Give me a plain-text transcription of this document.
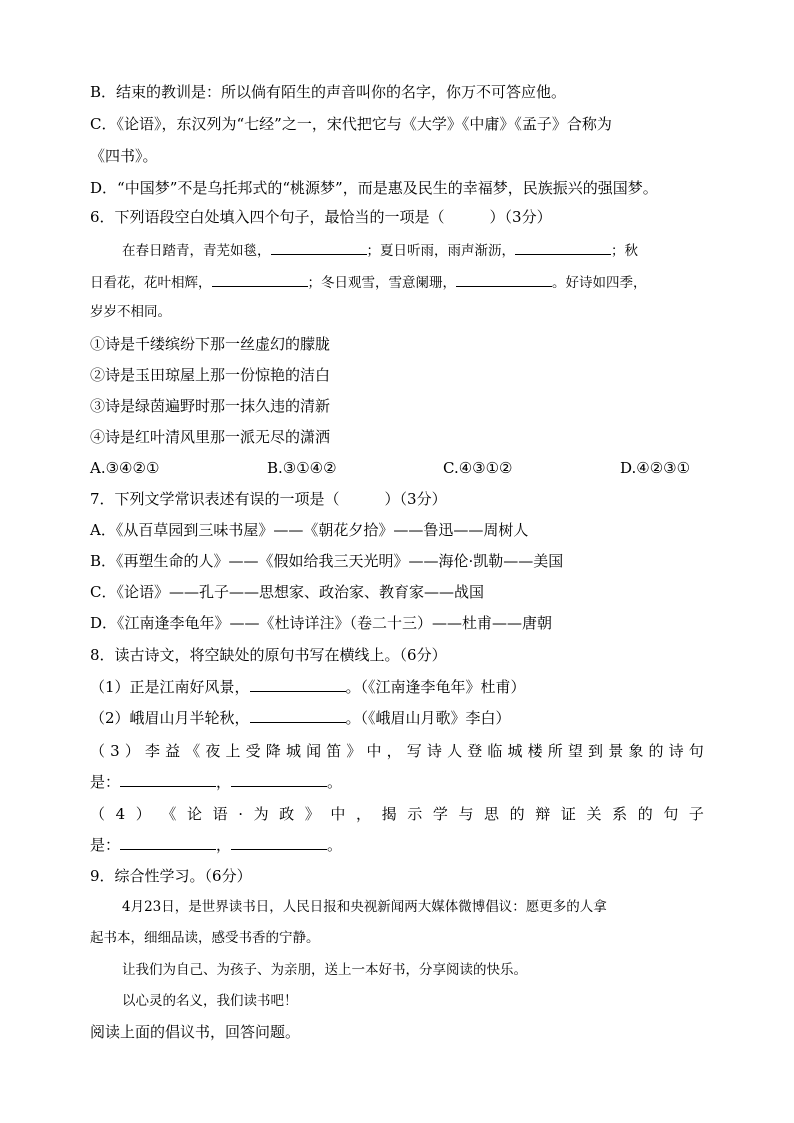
B．结束的教训是：所以倘有陌生的声音叫你的名字，你万不可答应他。
C．《论语》，东汉列为“七经”之一，宋代把它与《大学》《中庸》《孟子》合称为
《四书》。
D．“中国梦”不是乌托邦式的“桃源梦”，而是惠及民生的幸福梦，民族振兴的强国梦。
6．下列语段空白处填入四个句子，最恰当的一项是（　　　）（3分）
在春日踏青，青芜如毯，	；夏日听雨，雨声渐沥，	；秋
日看花，花叶相辉，	；冬日观雪，雪意阑珊，	。好诗如四季，
岁岁不相同。
①诗是千缕缤纷下那一丝虚幻的朦胧
②诗是玉田琼屋上那一份惊艳的洁白
③诗是绿茵遍野时那一抹久违的清新
④诗是红叶清风里那一派无尽的潇洒
A.③④②①	B.③①④②	C.④③①②	D.④②③①
7．下列文学常识表述有误的一项是（　　　）（3分）
A．《从百草园到三味书屋》——《朝花夕拾》——鲁迅——周树人
B．《再塑生命的人》——《假如给我三天光明》——海伦·凯勒——美国
C．《论语》——孔子——思想家、政治家、教育家——战国
D．《江南逢李龟年》——《杜诗详注》（卷二十三）——杜甫——唐朝
8．读古诗文，将空缺处的原句书写在横线上。（6分）
（1）正是江南好风景，	。（《江南逢李龟年》杜甫）
（2）峨眉山月半轮秋，	。（《峨眉山月歌》李白）
（ 3 ） 李 益 《 夜 上 受 降 城 闻 笛 》 中 ， 写 诗 人 登 临 城 楼 所 望 到 景 象 的 诗 句
是：	，	。
（ 4 ） 《 论 语 · 为 政 》 中 ， 揭 示 学 与 思 的 辩 证 关 系 的 句 子
是：	，	。
9．综合性学习。（6分）
4月23日，是世界读书日，人民日报和央视新闻两大媒体微博倡议：愿更多的人拿
起书本，细细品读，感受书香的宁静。
让我们为自己、为孩子、为亲朋，送上一本好书，分享阅读的快乐。
以心灵的名义，我们读书吧！
阅读上面的倡议书，回答问题。
